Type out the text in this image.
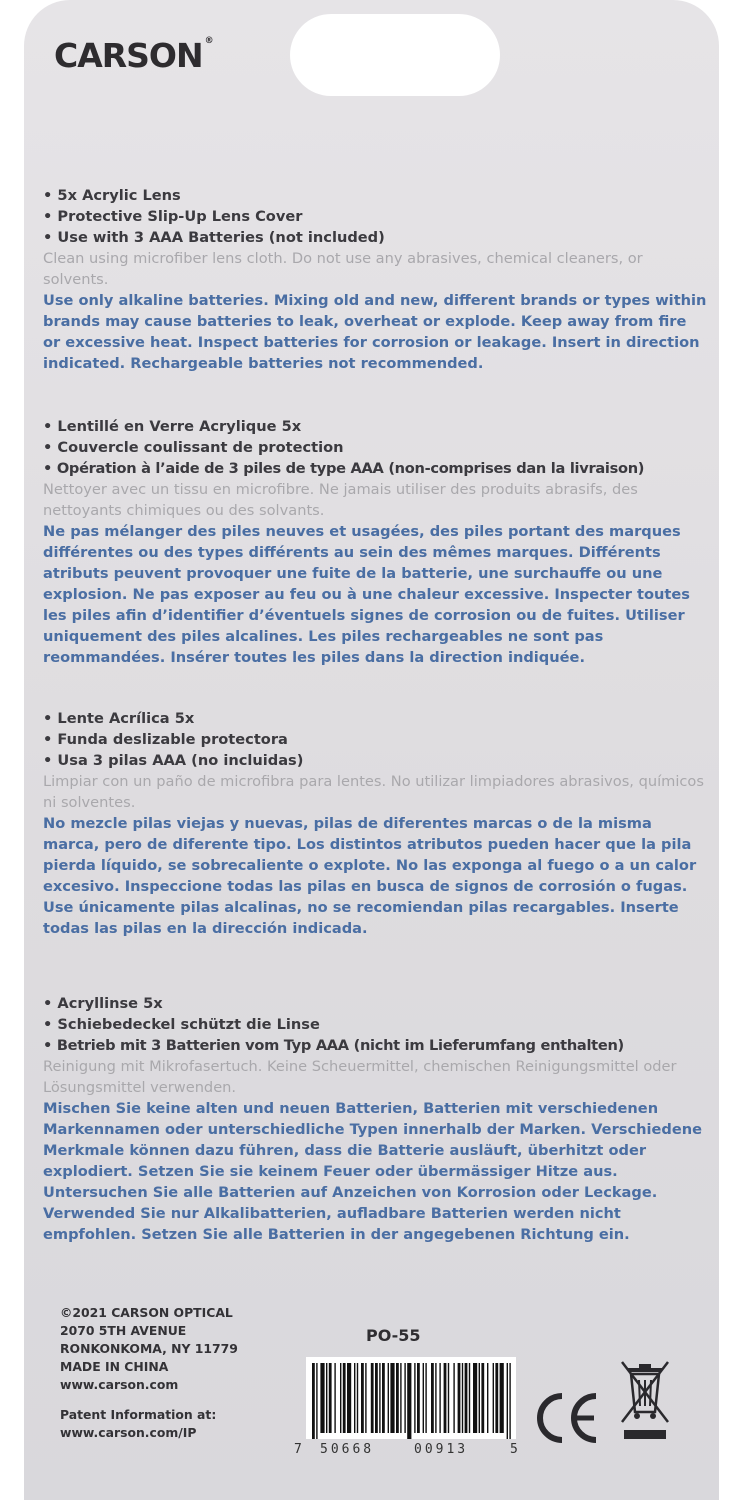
CARSON ®
• 5x Acrylic Lens
• Protective Slip-Up Lens Cover
• Use with 3 AAA Batteries (not included)
Clean using microfiber lens cloth. Do not use any abrasives, chemical cleaners, or solvents.
Use only alkaline batteries. Mixing old and new, different brands or types within brands may cause batteries to leak, overheat or explode. Keep away from fire or excessive heat. Inspect batteries for corrosion or leakage. Insert in direction indicated. Rechargeable batteries not recommended.
• Lentillé en Verre Acrylique 5x
• Couvercle coulissant de protection
• Opération à l’aide de 3 piles de type AAA (non-comprises dan la livraison)
Nettoyer avec un tissu en microfibre. Ne jamais utiliser des produits abrasifs, des nettoyants chimiques ou des solvants.
Ne pas mélanger des piles neuves et usagées, des piles portant des marques différentes ou des types différents au sein des mêmes marques. Différents atributs peuvent provoquer une fuite de la batterie, une surchauffe ou une explosion. Ne pas exposer au feu ou à une chaleur excessive. Inspecter toutes les piles afin d’identifier d’éventuels signes de corrosion ou de fuites. Utiliser uniquement des piles alcalines. Les piles rechargeables ne sont pas reommandées. Insérer toutes les piles dans la direction indiquée.
• Lente Acrílica 5x
• Funda deslizable protectora
• Usa 3 pilas AAA (no incluidas)
Limpiar con un paño de microfibra para lentes. No utilizar limpiadores abrasivos, químicos ni solventes.
No mezcle pilas viejas y nuevas, pilas de diferentes marcas o de la misma marca, pero de diferente tipo. Los distintos atributos pueden hacer que la pila pierda líquido, se sobrecaliente o explote. No las exponga al fuego o a un calor excesivo. Inspeccione todas las pilas en busca de signos de corrosión o fugas. Use únicamente pilas alcalinas, no se recomiendan pilas recargables. Inserte todas las pilas en la dirección indicada.
• Acryllinse 5x
• Schiebedeckel schützt die Linse
• Betrieb mit 3 Batterien vom Typ AAA (nicht im Lieferumfang enthalten)
Reinigung mit Mikrofasertuch. Keine Scheuermittel, chemischen Reinigungsmittel oder Lösungsmittel verwenden.
Mischen Sie keine alten und neuen Batterien, Batterien mit verschiedenen Markennamen oder unterschiedliche Typen innerhalb der Marken. Verschiedene Merkmale können dazu führen, dass die Batterie ausläuft, überhitzt oder explodiert. Setzen Sie sie keinem Feuer oder übermässiger Hitze aus. Untersuchen Sie alle Batterien auf Anzeichen von Korrosion oder Leckage. Verwended Sie nur Alkalibatterien, aufladbare Batterien werden nicht empfohlen. Setzen Sie alle Batterien in der angegebenen Richtung ein.
©2021 CARSON OPTICAL
2070 5TH AVENUE
RONKONKOMA, NY 11779
MADE IN CHINA
www.carson.com
Patent Information at:
www.carson.com/IP
PO-55
7 50668	00913	5
